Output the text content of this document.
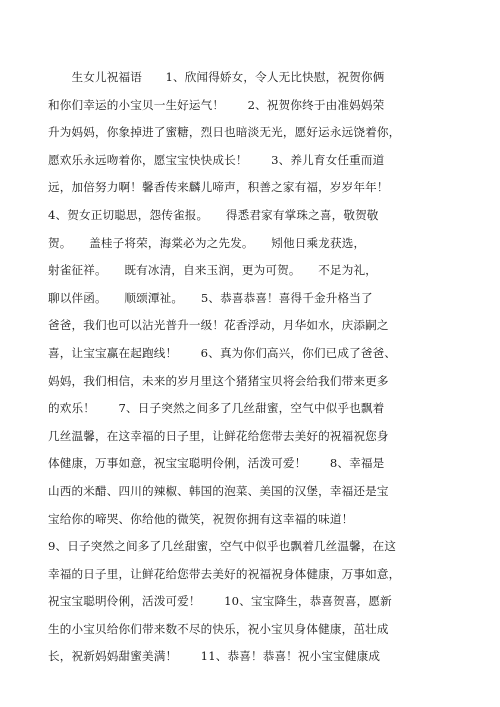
　　生女儿祝福语　　1、欣闻得娇女，令人无比快慰，祝贺你俩
和你们幸运的小宝贝一生好运气！　　2、祝贺你终于由准妈妈荣
升为妈妈，你象掉进了蜜糖，烈日也暗淡无光，愿好运永远饶着你，
愿欢乐永远吻着你，愿宝宝快快成长！　　3、养儿育女任重而道
远，加倍努力啊！馨香传来麟儿啼声，积善之家有福，岁岁年年！
4、贺女正切聪思，怨传雀报。　　得悉君家有掌珠之喜，敬贺敬
贺。　　盖桂子将荣，海棠必为之先发。　　矧他日乘龙获选，
射雀征祥。　　既有冰清，自来玉润，更为可贺。　　不足为礼，
聊以伴函。　　顺颂潭祉。　　5、恭喜恭喜！喜得千金升格当了
爸爸，我们也可以沾光普升一级！花香浮动，月华如水，庆添嗣之
喜，让宝宝赢在起跑线！　　6、真为你们高兴，你们已成了爸爸、
妈妈，我们相信，未来的岁月里这个猪猪宝贝将会给我们带来更多
的欢乐！　　7、日子突然之间多了几丝甜蜜，空气中似乎也飘着
几丝温馨，在这幸福的日子里，让鲜花给您带去美好的祝福祝您身
体健康，万事如意，祝宝宝聪明伶俐，活泼可爱！　　8、幸福是
山西的米醋、四川的辣椒、韩国的泡菜、美国的汉堡，幸福还是宝
宝给你的啼哭、你给他的微笑，祝贺你拥有这幸福的味道！
9、日子突然之间多了几丝甜蜜，空气中似乎也飘着几丝温馨，在这
幸福的日子里，让鲜花给您带去美好的祝福祝身体健康，万事如意，
祝宝宝聪明伶俐，活泼可爱！　　10、宝宝降生，恭喜贺喜，愿新
生的小宝贝给你们带来数不尽的快乐，祝小宝贝身体健康，茁壮成
长，祝新妈妈甜蜜美满！　　11、恭喜！恭喜！祝小宝宝健康成
